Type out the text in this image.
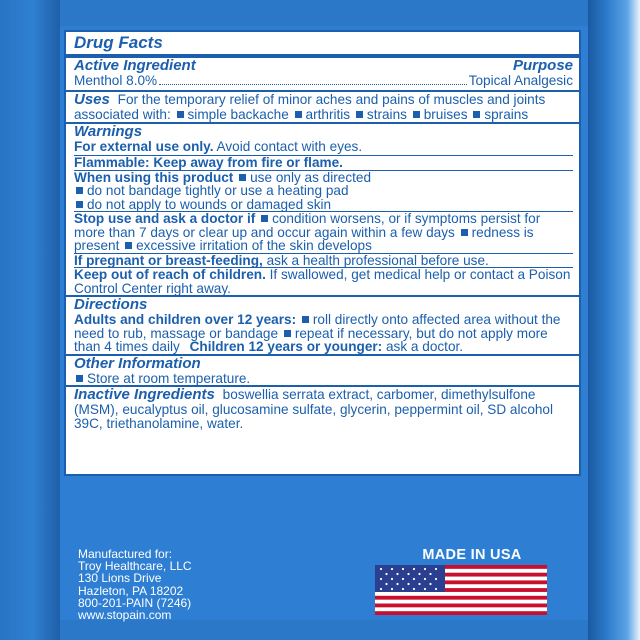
Drug Facts
Active Ingredient	Purpose
Menthol 8.0%	Topical Analgesic
Uses For the temporary relief of minor aches and pains of muscles and joints associated with: simple backache arthritis strains bruises sprains
Warnings
For external use only. Avoid contact with eyes.
Flammable: Keep away from fire or flame.
When using this product use only as directed
do not bandage tightly or use a heating pad
do not apply to wounds or damaged skin
Stop use and ask a doctor if condition worsens, or if symptoms persist for more than 7 days or clear up and occur again within a few days redness is present excessive irritation of the skin develops
If pregnant or breast-feeding, ask a health professional before use.
Keep out of reach of children. If swallowed, get medical help or contact a Poison Control Center right away.
Directions
Adults and children over 12 years: roll directly onto affected area without the need to rub, massage or bandage repeat if necessary, but do not apply more than 4 times daily Children 12 years or younger: ask a doctor.
Other Information
Store at room temperature.
Inactive Ingredients boswellia serrata extract, carbomer, dimethylsulfone (MSM), eucalyptus oil, glucosamine sulfate, glycerin, peppermint oil, SD alcohol 39C, triethanolamine, water.
Manufactured for:
Troy Healthcare, LLC
130 Lions Drive
Hazleton, PA 18202
800-201-PAIN (7246)
www.stopain.com
MADE IN USA
